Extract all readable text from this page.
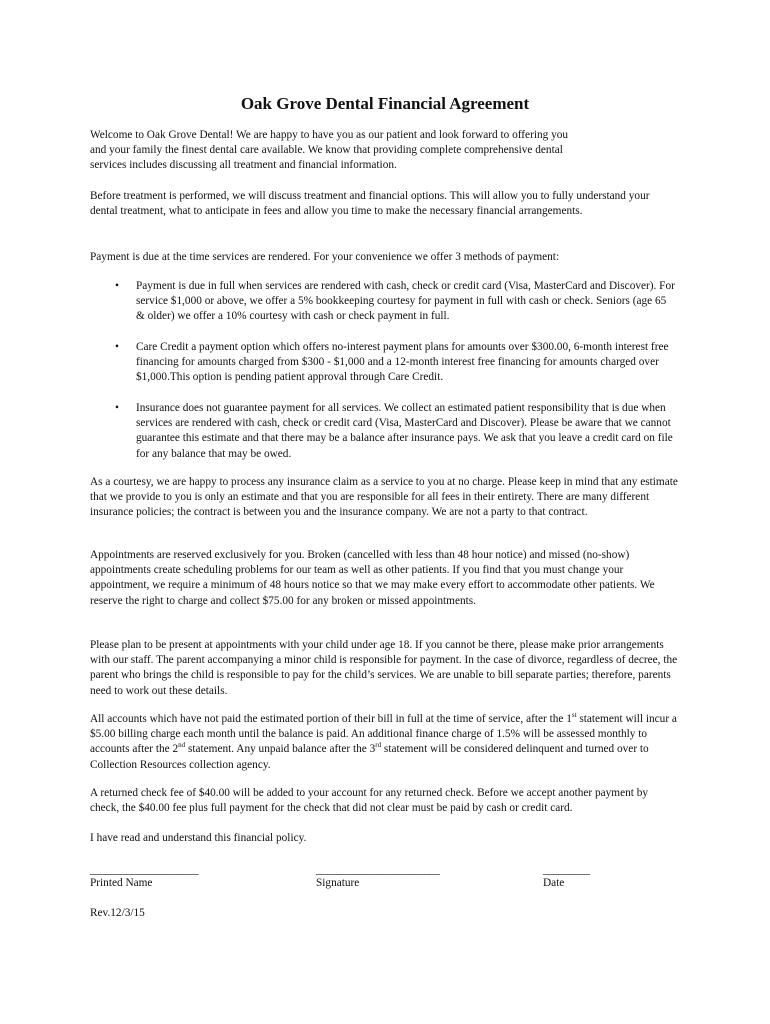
Oak Grove Dental Financial Agreement

Welcome to Oak Grove Dental! We are happy to have you as our patient and look forward to offering you and your family the finest dental care available. We know that providing complete comprehensive dental services includes discussing all treatment and financial information.

Before treatment is performed, we will discuss treatment and financial options. This will allow you to fully understand your dental treatment, what to anticipate in fees and allow you time to make the necessary financial arrangements.

Payment is due at the time services are rendered. For your convenience we offer 3 methods of payment:

• Payment is due in full when services are rendered with cash, check or credit card (Visa, MasterCard and Discover). For service $1,000 or above, we offer a 5% bookkeeping courtesy for payment in full with cash or check. Seniors (age 65 & older) we offer a 10% courtesy with cash or check payment in full.

• Care Credit a payment option which offers no-interest payment plans for amounts over $300.00, 6-month interest free financing for amounts charged from $300 - $1,000 and a 12-month interest free financing for amounts charged over $1,000.This option is pending patient approval through Care Credit.

• Insurance does not guarantee payment for all services. We collect an estimated patient responsibility that is due when services are rendered with cash, check or credit card (Visa, MasterCard and Discover). Please be aware that we cannot guarantee this estimate and that there may be a balance after insurance pays. We ask that you leave a credit card on file for any balance that may be owed.

As a courtesy, we are happy to process any insurance claim as a service to you at no charge. Please keep in mind that any estimate that we provide to you is only an estimate and that you are responsible for all fees in their entirety. There are many different insurance policies; the contract is between you and the insurance company. We are not a party to that contract.

Appointments are reserved exclusively for you. Broken (cancelled with less than 48 hour notice) and missed (no-show) appointments create scheduling problems for our team as well as other patients. If you find that you must change your appointment, we require a minimum of 48 hours notice so that we may make every effort to accommodate other patients. We reserve the right to charge and collect $75.00 for any broken or missed appointments.

Please plan to be present at appointments with your child under age 18. If you cannot be there, please make prior arrangements with our staff. The parent accompanying a minor child is responsible for payment. In the case of divorce, regardless of decree, the parent who brings the child is responsible to pay for the child’s services. We are unable to bill separate parties; therefore, parents need to work out these details.

All accounts which have not paid the estimated portion of their bill in full at the time of service, after the 1st statement will incur a $5.00 billing charge each month until the balance is paid. An additional finance charge of 1.5% will be assessed monthly to accounts after the 2nd statement. Any unpaid balance after the 3rd statement will be considered delinquent and turned over to Collection Resources collection agency.

A returned check fee of $40.00 will be added to your account for any returned check. Before we accept another payment by check, the $40.00 fee plus full payment for the check that did not clear must be paid by cash or credit card.

I have read and understand this financial policy.

_____________________	________________________	_________
Printed Name	Signature	Date
Rev.12/3/15
